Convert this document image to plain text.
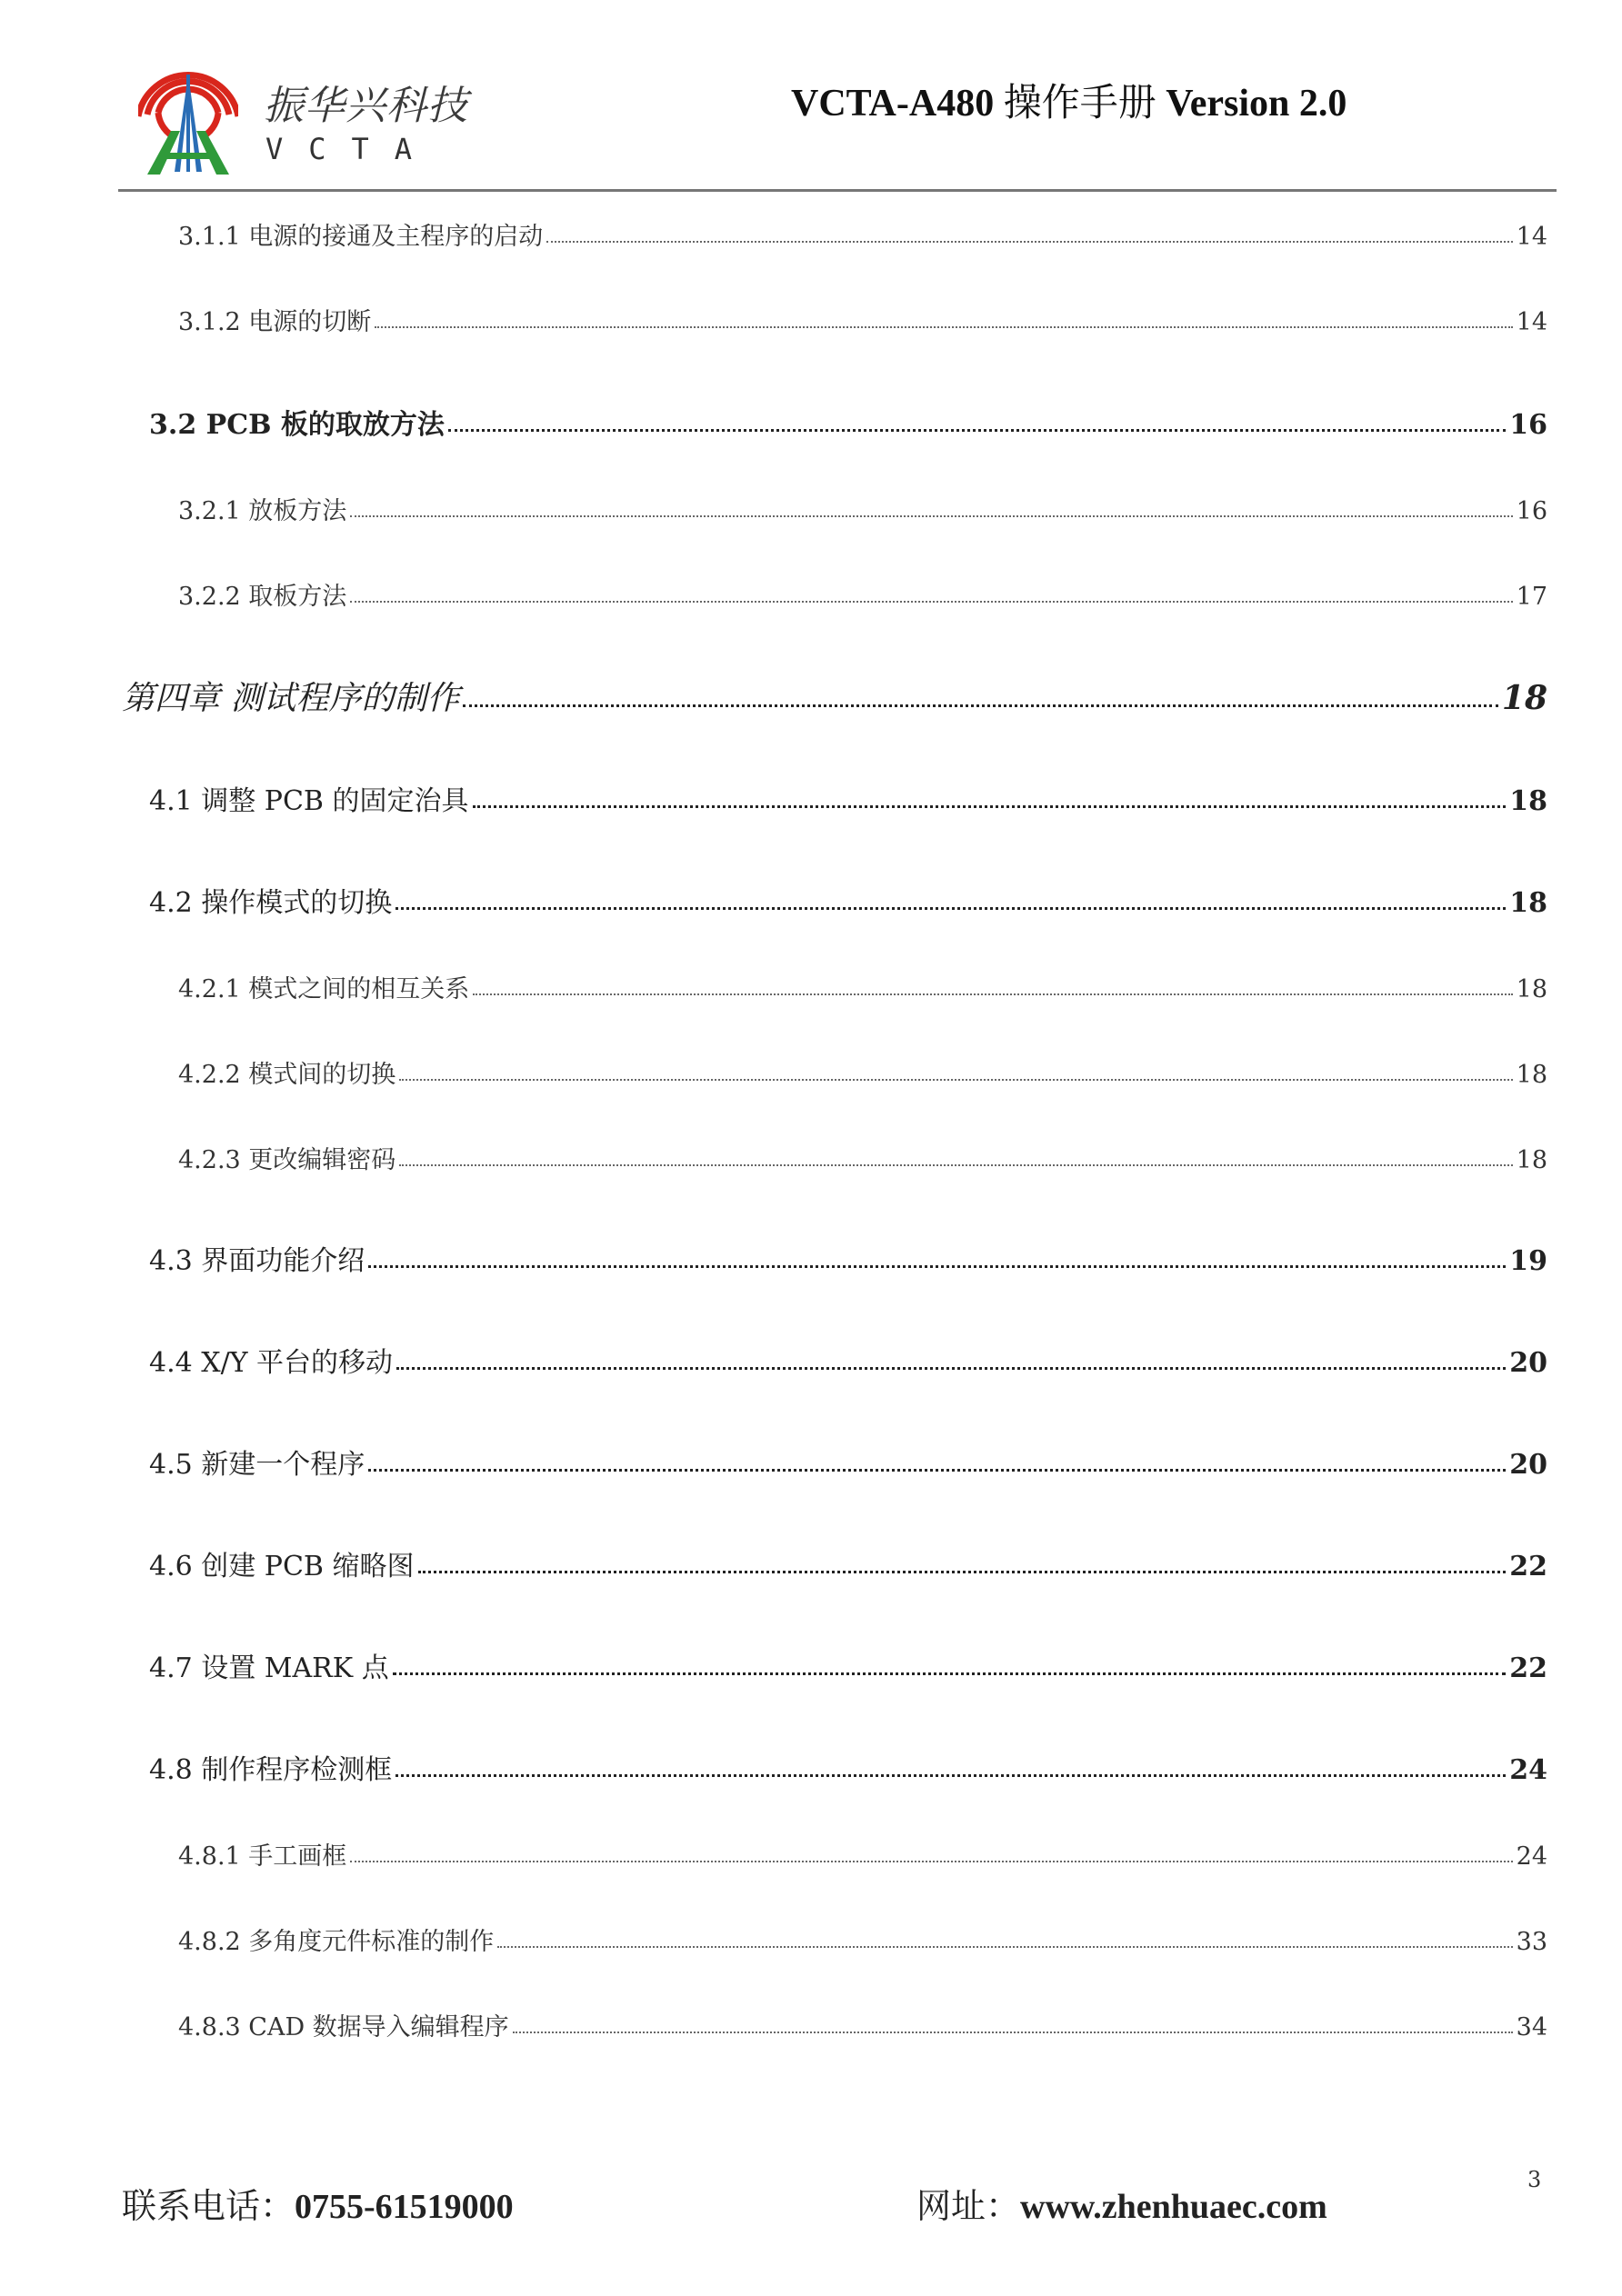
振华兴科技
VCTA
VCTA-A480 操作手册 Version 2.0
3.1.1 电源的接通及主程序的启动	14
3.1.2 电源的切断	14
3.2 PCB 板的取放方法	16
3.2.1 放板方法	16
3.2.2 取板方法	17
第四章 测试程序的制作	18
4.1 调整 PCB 的固定治具	18
4.2 操作模式的切换	18
4.2.1 模式之间的相互关系	18
4.2.2 模式间的切换	18
4.2.3 更改编辑密码	18
4.3 界面功能介绍	19
4.4 X/Y 平台的移动	20
4.5 新建一个程序	20
4.6 创建 PCB 缩略图	22
4.7 设置 MARK 点	22
4.8 制作程序检测框	24
4.8.1 手工画框	24
4.8.2 多角度元件标准的制作	33
4.8.3 CAD 数据导入编辑程序	34
联系电话：0755-61519000	网址：www.zhenhuaec.com
3
